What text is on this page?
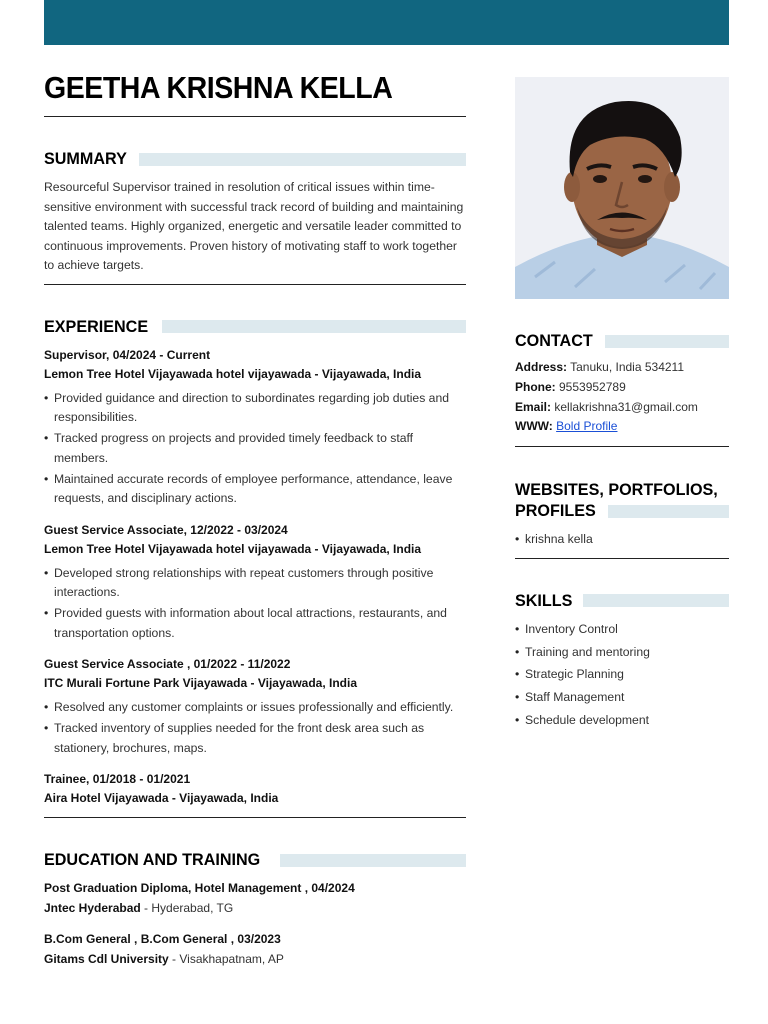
GEETHA KRISHNA KELLA
SUMMARY
Resourceful Supervisor trained in resolution of critical issues within time-sensitive environment with successful track record of building and maintaining talented teams. Highly organized, energetic and versatile leader committed to continuous improvements. Proven history of motivating staff to work together to achieve targets.
EXPERIENCE
Supervisor, 04/2024 - Current
Lemon Tree Hotel Vijayawada hotel vijayawada - Vijayawada, India
• Provided guidance and direction to subordinates regarding job duties and responsibilities.
• Tracked progress on projects and provided timely feedback to staff members.
• Maintained accurate records of employee performance, attendance, leave requests, and disciplinary actions.
Guest Service Associate, 12/2022 - 03/2024
Lemon Tree Hotel Vijayawada hotel vijayawada - Vijayawada, India
• Developed strong relationships with repeat customers through positive interactions.
• Provided guests with information about local attractions, restaurants, and transportation options.
Guest Service Associate , 01/2022 - 11/2022
ITC Murali Fortune Park Vijayawada - Vijayawada, India
• Resolved any customer complaints or issues professionally and efficiently.
• Tracked inventory of supplies needed for the front desk area such as stationery, brochures, maps.
Trainee, 01/2018 - 01/2021
Aira Hotel Vijayawada - Vijayawada, India
EDUCATION AND TRAINING
Post Graduation Diploma, Hotel Management , 04/2024
Jntec Hyderabad - Hyderabad, TG
B.Com General , B.Com General , 03/2023
Gitams Cdl University - Visakhapatnam, AP
CONTACT
Address: Tanuku, India 534211
Phone: 9553952789
Email: kellakrishna31@gmail.com
WWW: Bold Profile
WEBSITES, PORTFOLIOS,
PROFILES
• krishna kella
SKILLS
• Inventory Control
• Training and mentoring
• Strategic Planning
• Staff Management
• Schedule development
